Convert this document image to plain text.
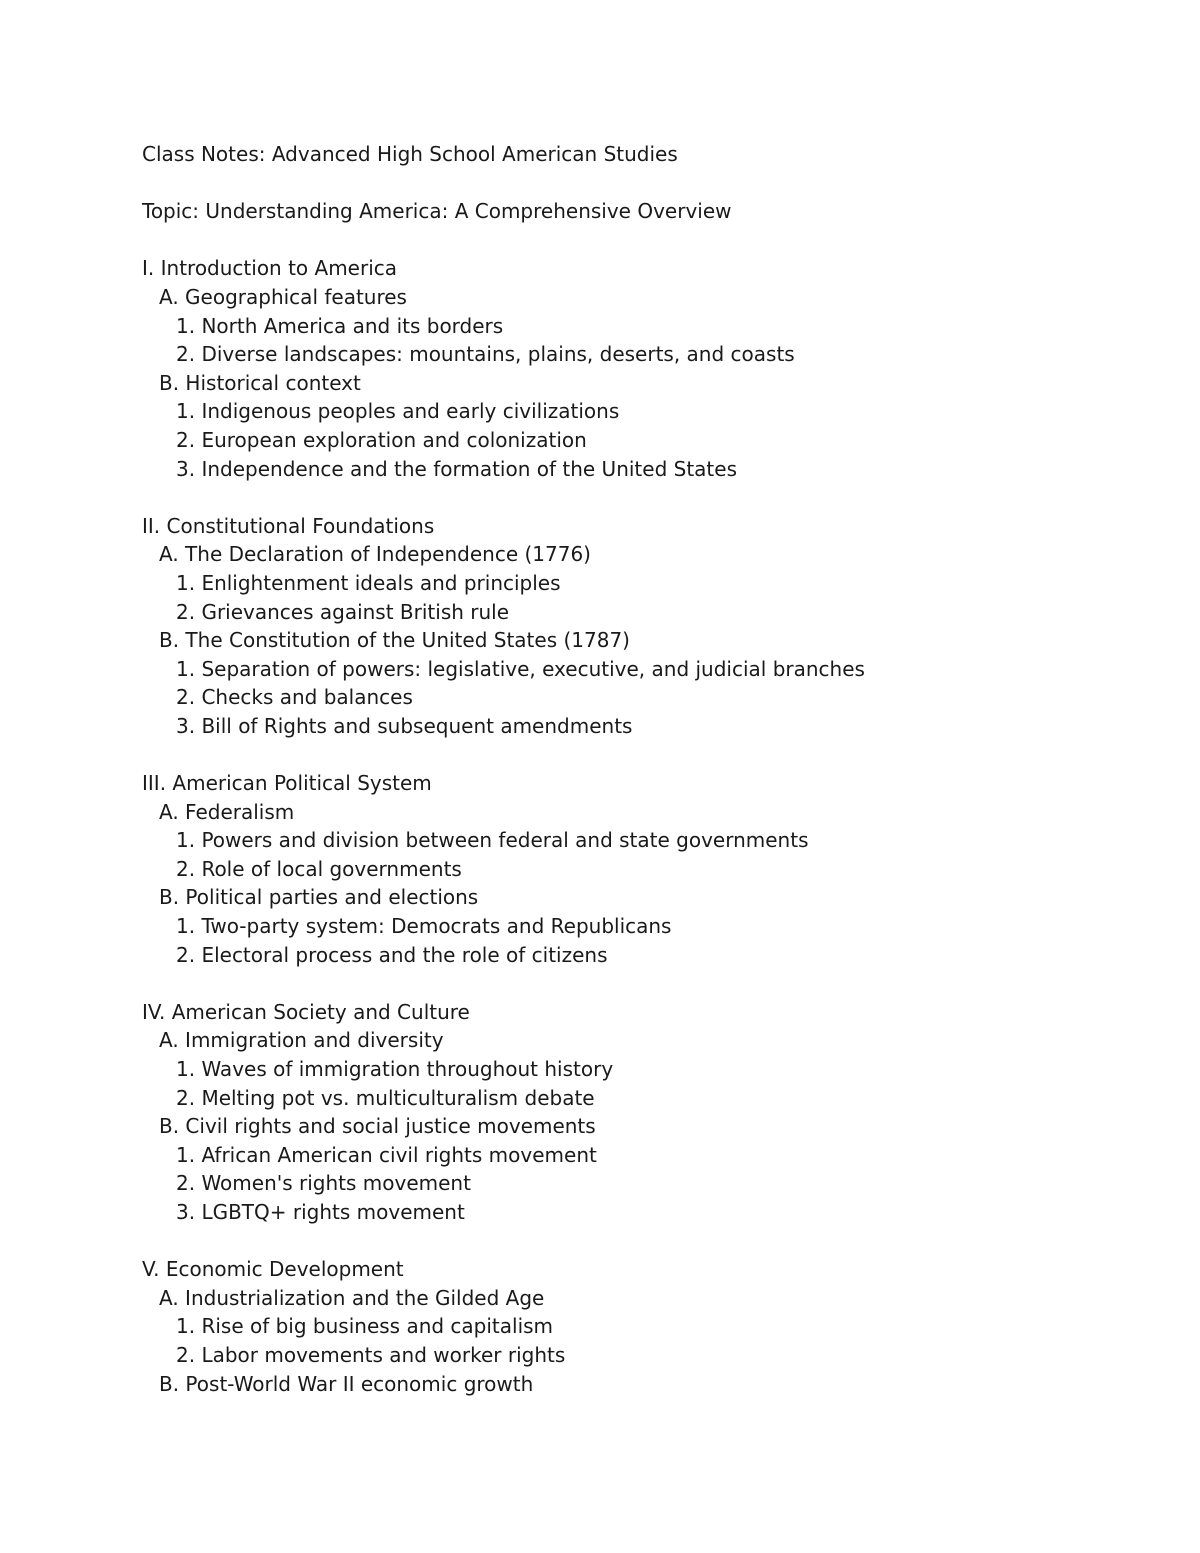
Class Notes: Advanced High School American Studies
Topic: Understanding America: A Comprehensive Overview
I. Introduction to America
A. Geographical features
1. North America and its borders
2. Diverse landscapes: mountains, plains, deserts, and coasts
B. Historical context
1. Indigenous peoples and early civilizations
2. European exploration and colonization
3. Independence and the formation of the United States
II. Constitutional Foundations
A. The Declaration of Independence (1776)
1. Enlightenment ideals and principles
2. Grievances against British rule
B. The Constitution of the United States (1787)
1. Separation of powers: legislative, executive, and judicial branches
2. Checks and balances
3. Bill of Rights and subsequent amendments
III. American Political System
A. Federalism
1. Powers and division between federal and state governments
2. Role of local governments
B. Political parties and elections
1. Two-party system: Democrats and Republicans
2. Electoral process and the role of citizens
IV. American Society and Culture
A. Immigration and diversity
1. Waves of immigration throughout history
2. Melting pot vs. multiculturalism debate
B. Civil rights and social justice movements
1. African American civil rights movement
2. Women's rights movement
3. LGBTQ+ rights movement
V. Economic Development
A. Industrialization and the Gilded Age
1. Rise of big business and capitalism
2. Labor movements and worker rights
B. Post-World War II economic growth
